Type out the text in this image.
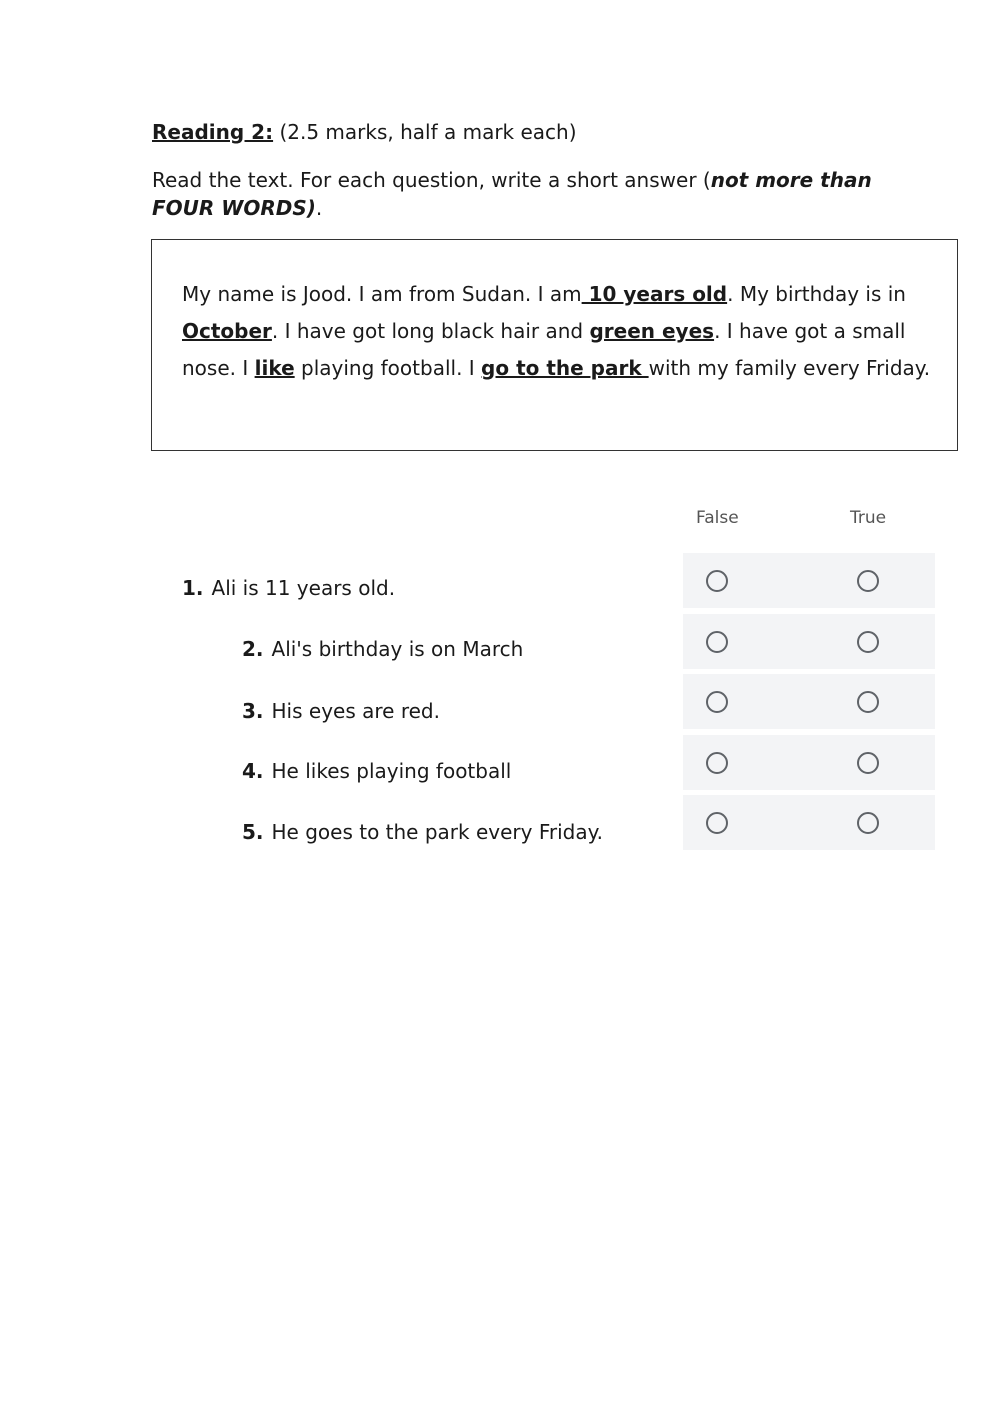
Reading 2: (2.5 marks, half a mark each)
Read the text. For each question, write a short answer (not more than FOUR WORDS).
My name is Jood. I am from Sudan. I am 10 years old. My birthday is in October. I have got long black hair and green eyes. I have got a small nose. I like playing football. I go to the park with my family every Friday.
False	True
1. Ali is 11 years old.
2. Ali's birthday is on March
3. His eyes are red.
4. He likes playing football
5. He goes to the park every Friday.
